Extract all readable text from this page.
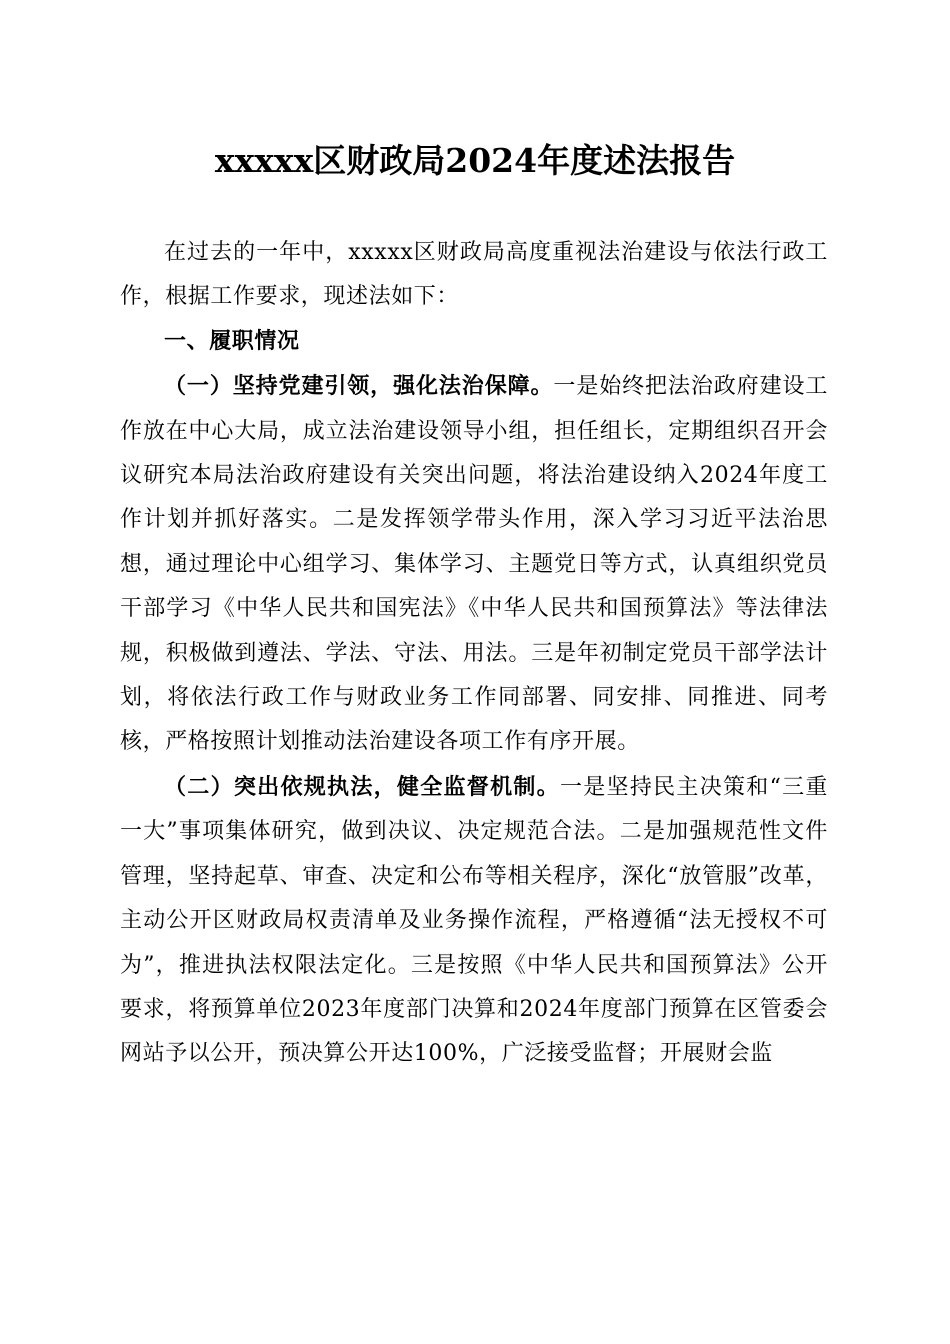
xxxxx区财政局2024年度述法报告

在过去的一年中，xxxxx区财政局高度重视法治建设与依法行政工作，根据工作要求，现述法如下：

一、履职情况

（一）坚持党建引领，强化法治保障。一是始终把法治政府建设工作放在中心大局，成立法治建设领导小组，担任组长，定期组织召开会议研究本局法治政府建设有关突出问题，将法治建设纳入2024年度工作计划并抓好落实。二是发挥领学带头作用，深入学习习近平法治思想，通过理论中心组学习、集体学习、主题党日等方式，认真组织党员干部学习《中华人民共和国宪法》《中华人民共和国预算法》等法律法规，积极做到遵法、学法、守法、用法。三是年初制定党员干部学法计划，将依法行政工作与财政业务工作同部署、同安排、同推进、同考核，严格按照计划推动法治建设各项工作有序开展。

（二）突出依规执法，健全监督机制。一是坚持民主决策和“三重一大”事项集体研究，做到决议、决定规范合法。二是加强规范性文件管理，坚持起草、审查、决定和公布等相关程序，深化“放管服”改革，主动公开区财政局权责清单及业务操作流程，严格遵循“法无授权不可为”，推进执法权限法定化。三是按照《中华人民共和国预算法》公开要求，将预算单位2023年度部门决算和2024年度部门预算在区管委会网站予以公开，预决算公开达100%，广泛接受监督；开展财会监
